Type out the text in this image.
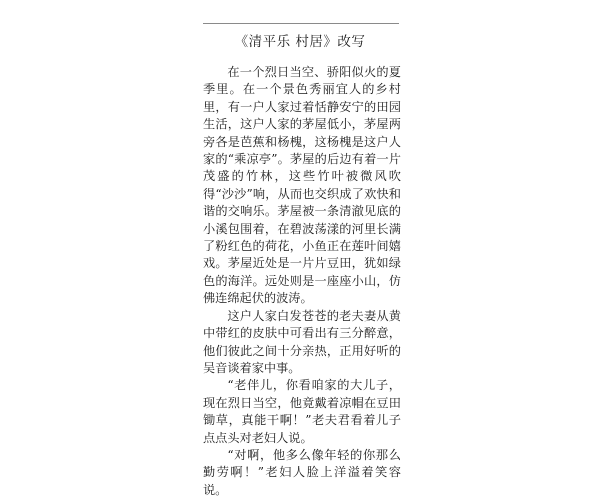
《清平乐 村居》改写

在一个烈日当空、骄阳似火的夏季里。在一个景色秀丽宜人的乡村里，有一户人家过着恬静安宁的田园生活，这户人家的茅屋低小，茅屋两旁各是芭蕉和杨槐，这杨槐是这户人家的“乘凉亭”。茅屋的后边有着一片茂盛的竹林，这些竹叶被微风吹得“沙沙”响，从而也交织成了欢快和谐的交响乐。茅屋被一条清澈见底的小溪包围着，在碧波荡漾的河里长满了粉红色的荷花，小鱼正在莲叶间嬉戏。茅屋近处是一片片豆田，犹如绿色的海洋。远处则是一座座小山，仿佛连绵起伏的波涛。

这户人家白发苍苍的老夫妻从黄中带红的皮肤中可看出有三分醉意，他们彼此之间十分亲热，正用好听的吴音谈着家中事。

“老伴儿，你看咱家的大儿子，现在烈日当空，他竟戴着凉帽在豆田锄草，真能干啊！”老夫君看着儿子点点头对老妇人说。

“对啊，他多么像年轻的你那么勤劳啊！”老妇人脸上洋溢着笑容说。
